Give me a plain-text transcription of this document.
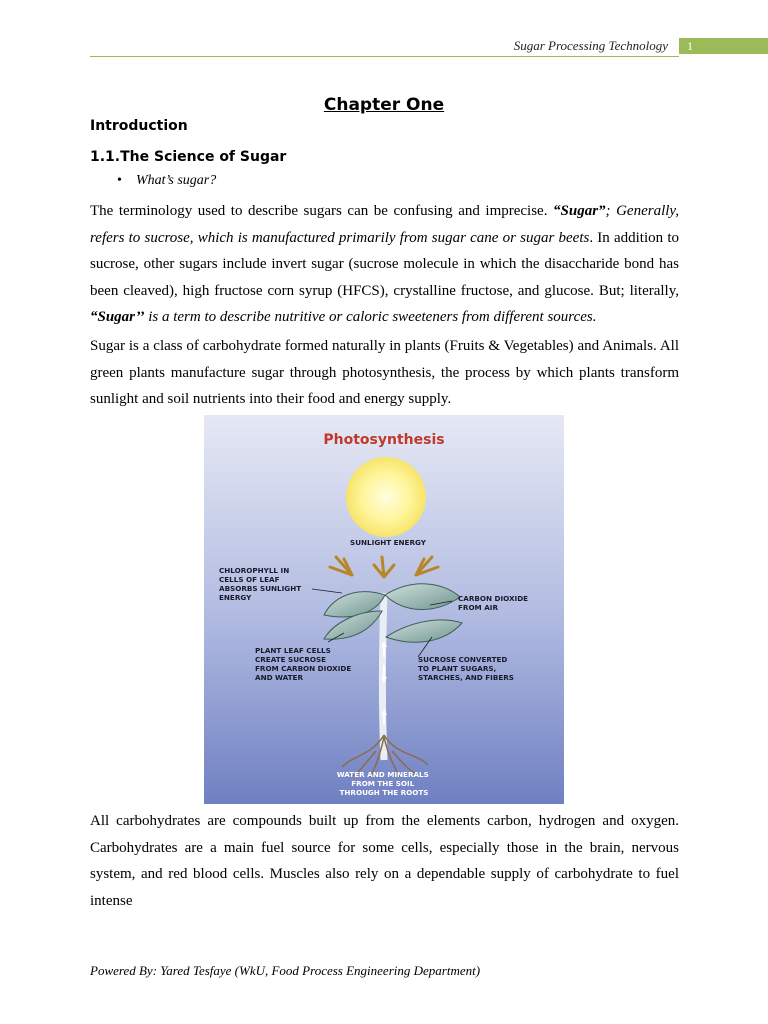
Sugar Processing Technology	1
Chapter One
Introduction
1.1.The Science of Sugar
• What’s sugar?

The terminology used to describe sugars can be confusing and imprecise. “Sugar”; Generally, refers to sucrose, which is manufactured primarily from sugar cane or sugar beets. In addition to sucrose, other sugars include invert sugar (sucrose molecule in which the disaccharide bond has been cleaved), high fructose corn syrup (HFCS), crystalline fructose, and glucose. But; literally, “Sugar’’ is a term to describe nutritive or caloric sweeteners from different sources.

Sugar is a class of carbohydrate formed naturally in plants (Fruits & Vegetables) and Animals. All green plants manufacture sugar through photosynthesis, the process by which plants transform sunlight and soil nutrients into their food and energy supply.

Photosynthesis
SUNLIGHT ENERGY
CHLOROPHYLL IN CELLS OF LEAF ABSORBS SUNLIGHT ENERGY	CARBON DIOXIDE FROM AIR
PLANT LEAF CELLS CREATE SUCROSE FROM CARBON DIOXIDE AND WATER
SUCROSE CONVERTED TO PLANT SUGARS, STARCHES, AND FIBERS
WATER AND MINERALS FROM THE SOIL THROUGH THE ROOTS

All carbohydrates are compounds built up from the elements carbon, hydrogen and oxygen. Carbohydrates are a main fuel source for some cells, especially those in the brain, nervous system, and red blood cells. Muscles also rely on a dependable supply of carbohydrate to fuel intense

Powered By: Yared Tesfaye (WkU, Food Process Engineering Department)
